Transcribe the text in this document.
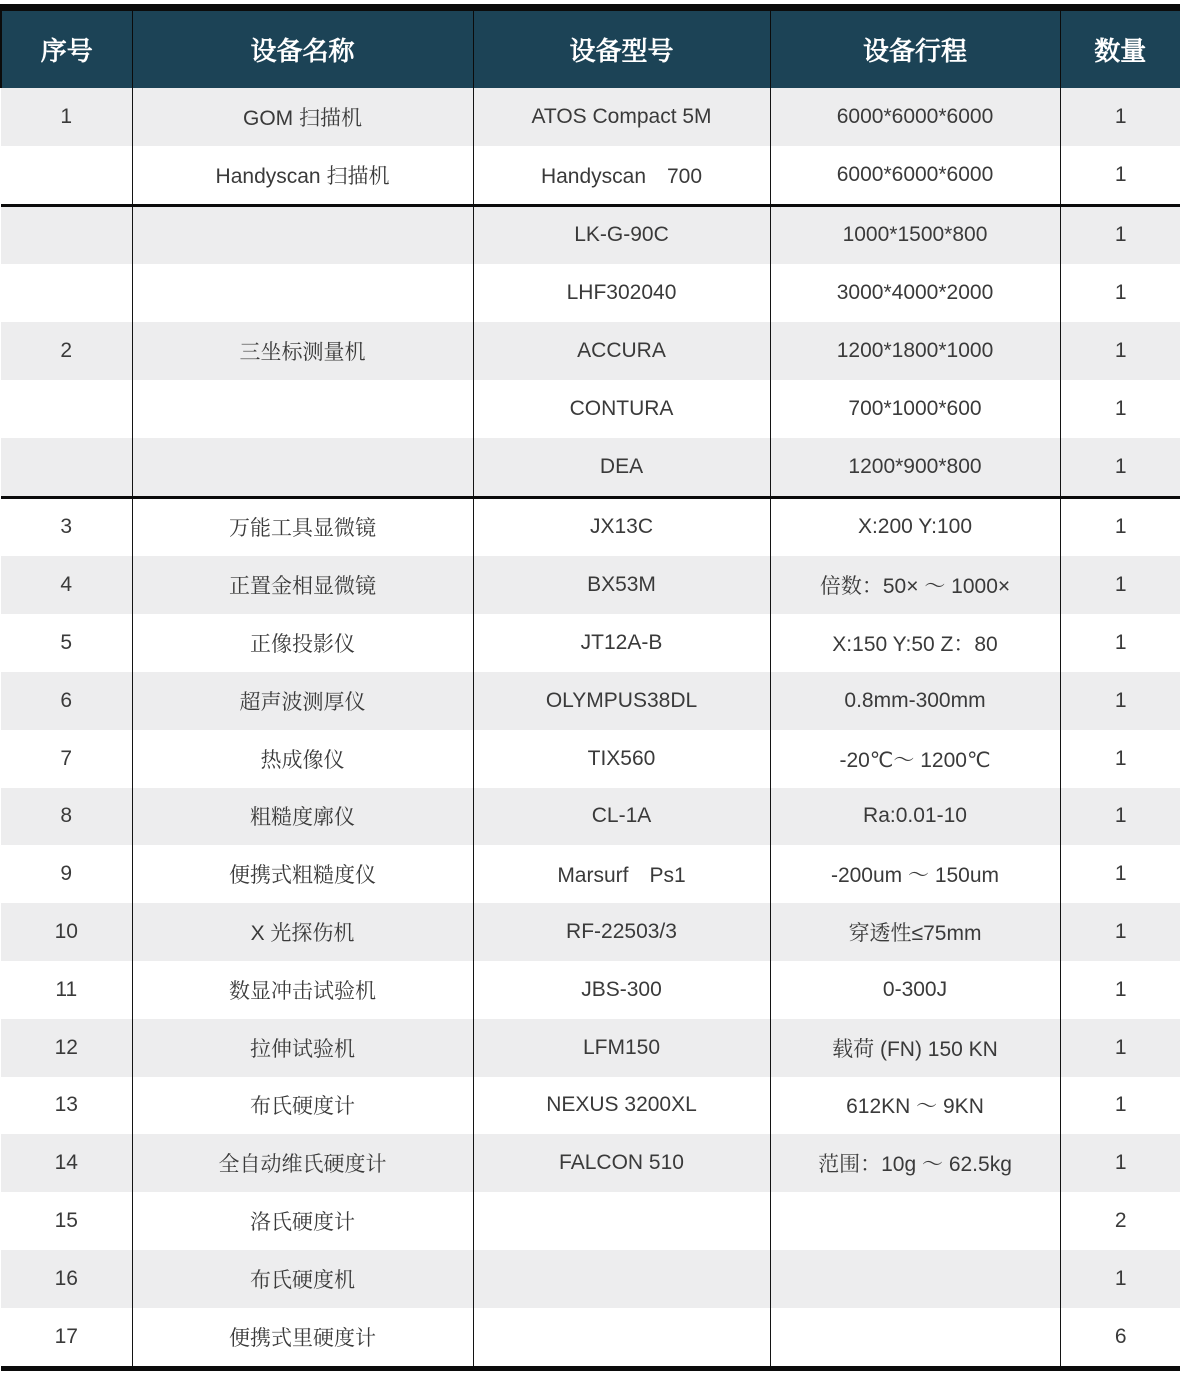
序号	设备名称	设备型号	设备行程	数量
1	GOM 扫描机	ATOS Compact 5M	6000*6000*6000	1
	Handyscan 扫描机	Handyscan　700	6000*6000*6000	1
		LK-G-90C	1000*1500*800	1
		LHF302040	3000*4000*2000	1
2	三坐标测量机	ACCURA	1200*1800*1000	1
		CONTURA	700*1000*600	1
		DEA	1200*900*800	1
3	万能工具显微镜	JX13C	X:200 Y:100	1
4	正置金相显微镜	BX53M	倍数：50× ～ 1000×	1
5	正像投影仪	JT12A-B	X:150 Y:50 Z：80	1
6	超声波测厚仪	OLYMPUS38DL	0.8mm-300mm	1
7	热成像仪	TIX560	-20℃～ 1200℃	1
8	粗糙度廓仪	CL-1A	Ra:0.01-10	1
9	便携式粗糙度仪	Marsurf　Ps1	-200um ～ 150um	1
10	X 光探伤机	RF-22503/3	穿透性≤75mm	1
11	数显冲击试验机	JBS-300	0-300J	1
12	拉伸试验机	LFM150	载荷 (FN) 150 KN	1
13	布氏硬度计	NEXUS 3200XL	612KN ～ 9KN	1
14	全自动维氏硬度计	FALCON 510	范围：10g ～ 62.5kg	1
15	洛氏硬度计			2
16	布氏硬度机			1
17	便携式里硬度计			6
